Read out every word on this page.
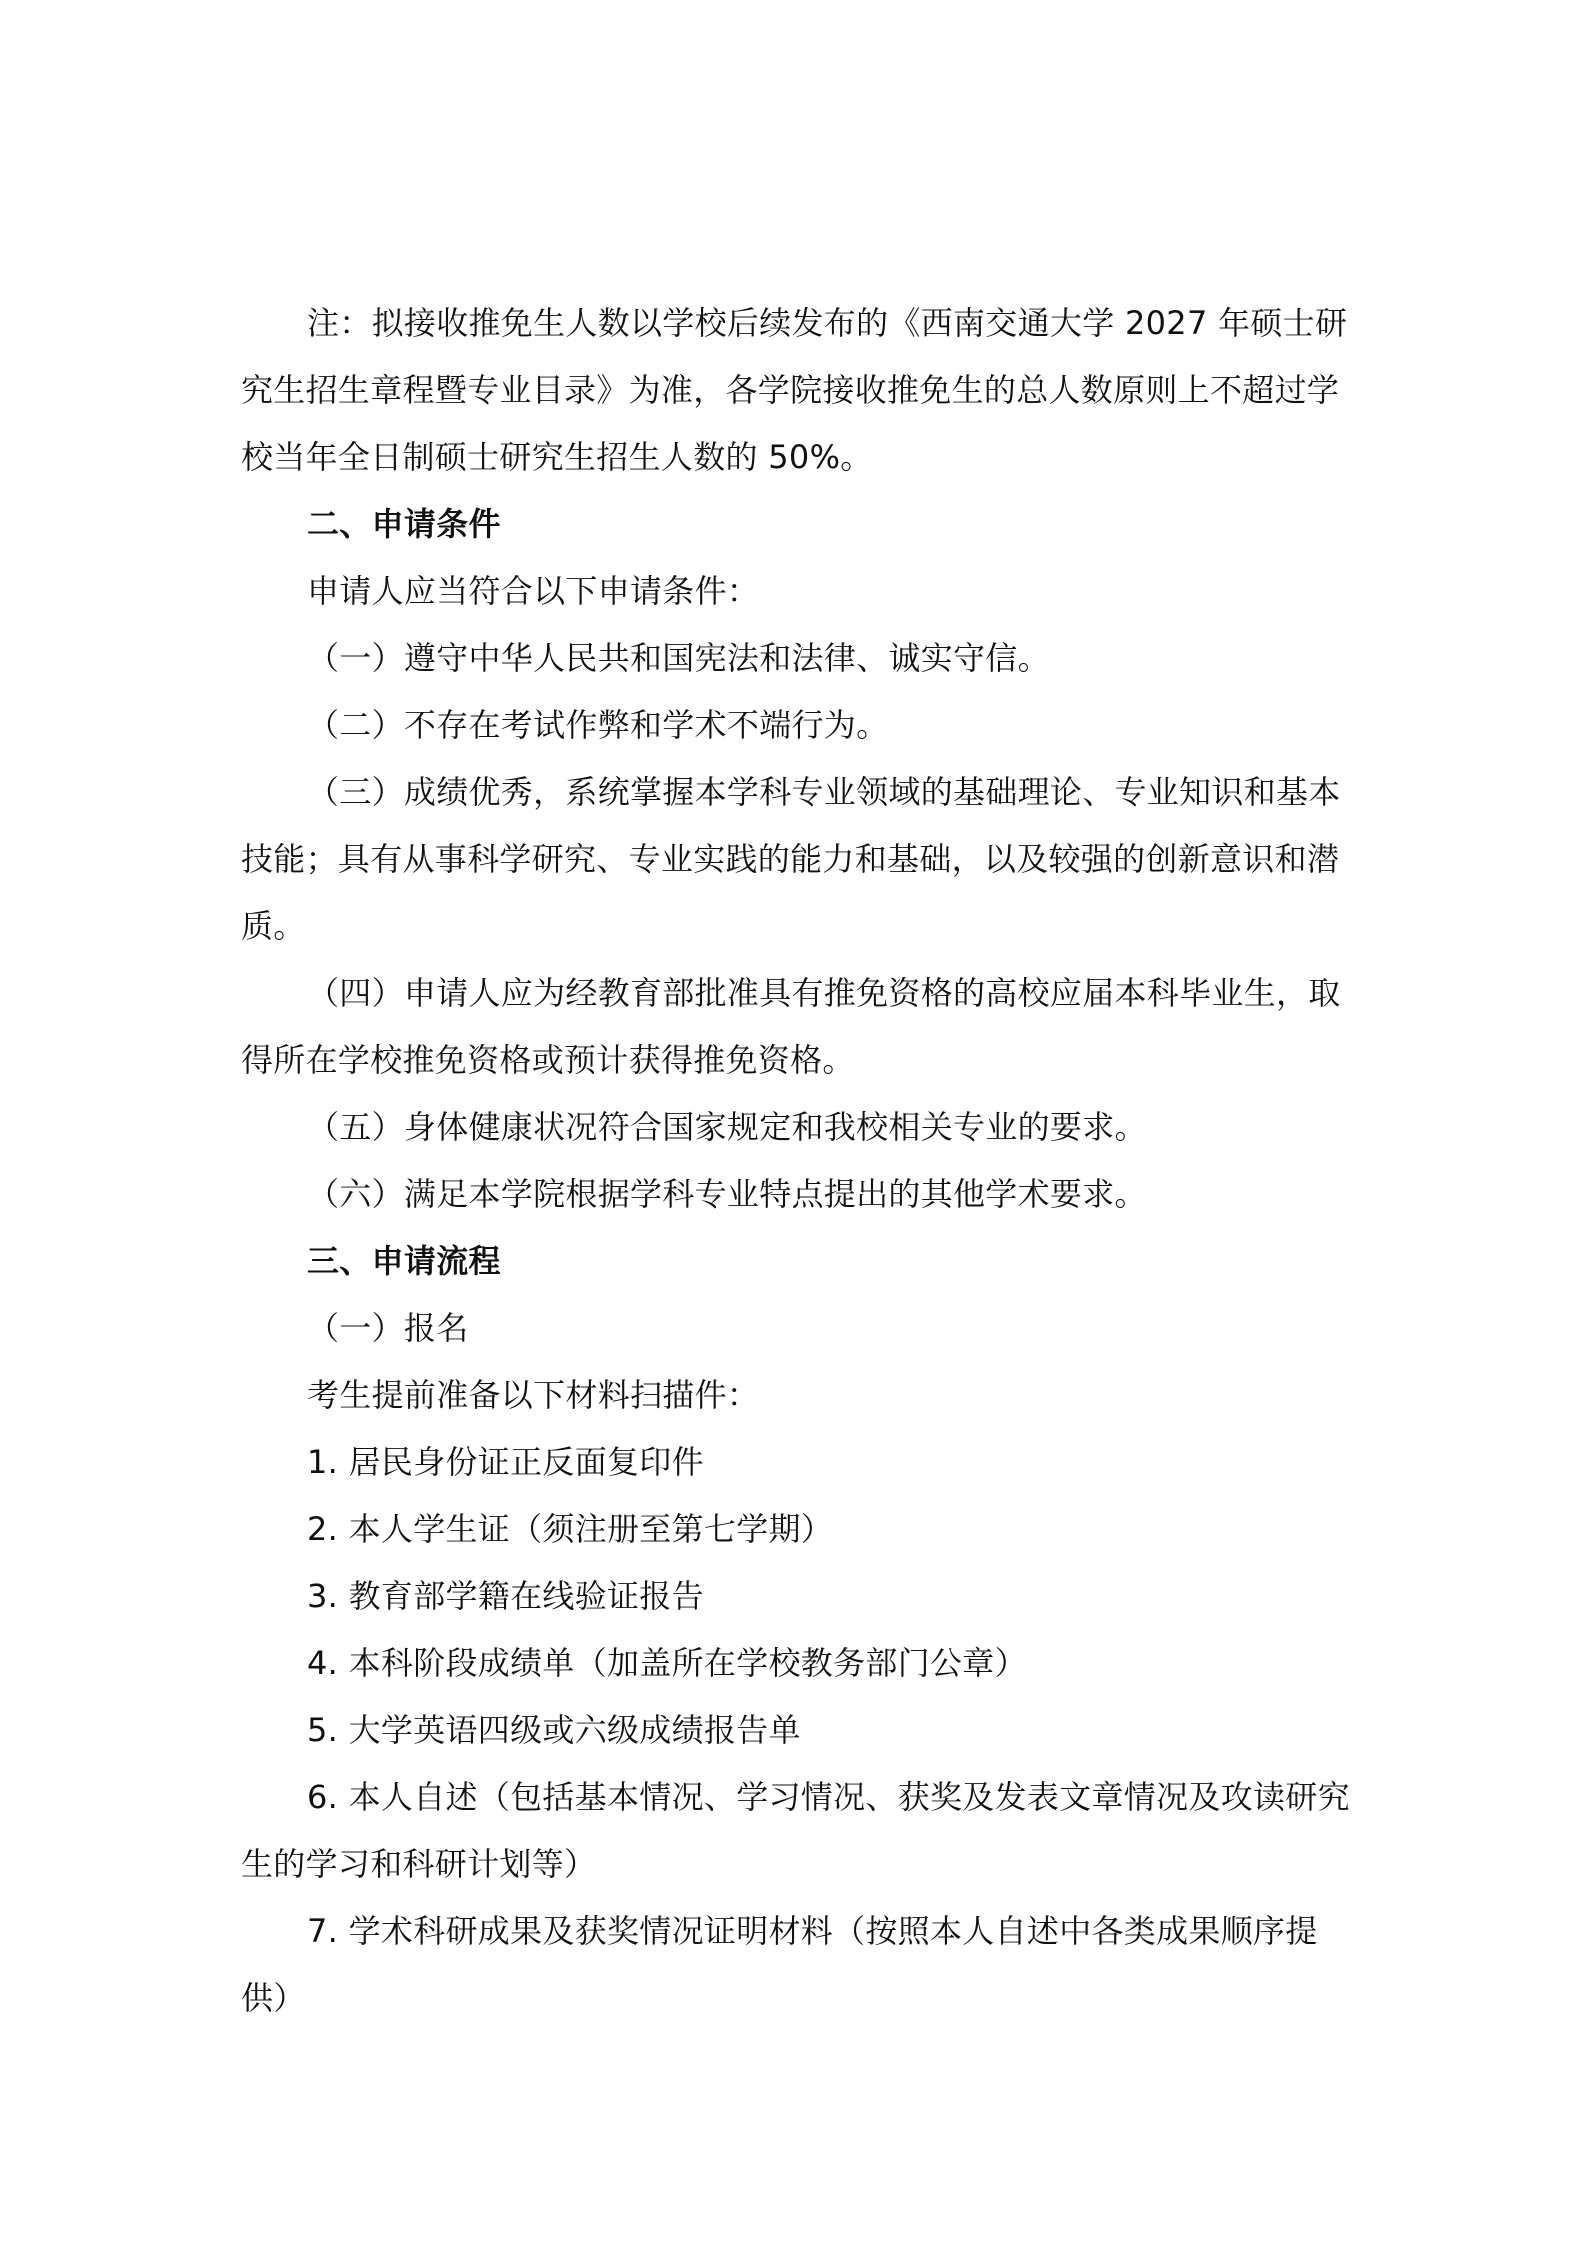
注：拟接收推免生人数以学校后续发布的《西南交通大学 2027 年硕士研究生招生章程暨专业目录》为准，各学院接收推免生的总人数原则上不超过学校当年全日制硕士研究生招生人数的 50%。

二、申请条件

申请人应当符合以下申请条件：

（一）遵守中华人民共和国宪法和法律、诚实守信。

（二）不存在考试作弊和学术不端行为。

（三）成绩优秀，系统掌握本学科专业领域的基础理论、专业知识和基本技能；具有从事科学研究、专业实践的能力和基础，以及较强的创新意识和潜质。

（四）申请人应为经教育部批准具有推免资格的高校应届本科毕业生，取得所在学校推免资格或预计获得推免资格。

（五）身体健康状况符合国家规定和我校相关专业的要求。

（六）满足本学院根据学科专业特点提出的其他学术要求。

三、申请流程

（一）报名

考生提前准备以下材料扫描件：

1. 居民身份证正反面复印件

2. 本人学生证（须注册至第七学期）

3. 教育部学籍在线验证报告

4. 本科阶段成绩单（加盖所在学校教务部门公章）

5. 大学英语四级或六级成绩报告单

6. 本人自述（包括基本情况、学习情况、获奖及发表文章情况及攻读研究生的学习和科研计划等）

7. 学术科研成果及获奖情况证明材料（按照本人自述中各类成果顺序提供）
